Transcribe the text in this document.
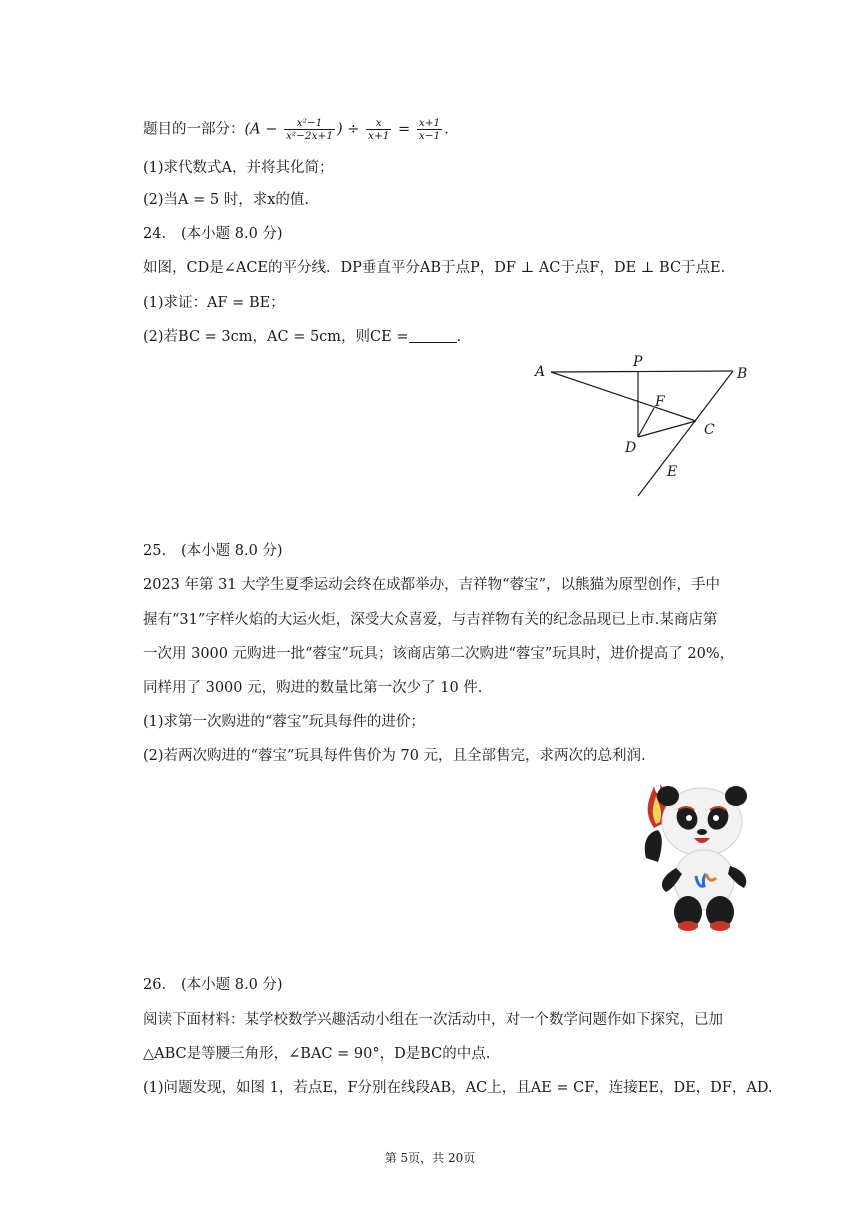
题目的一部分：($A - \frac{\text{x²−1}}{\text{x²−2x+1}}$ ) ÷ $\frac{x}{x+1} = \frac{x+1}{x-1}$ .
(1)求代数式A，并将其化简；
(2)当A = 5 时，求x的值.
24. (本小题 8.0 分)
如图，CD是∠ACE的平分线．DP垂直平分AB于点P，DF ⊥ AC于点F，DE ⊥ BC于点E.
(1)求证：AF = BE；
(2)若BC = 3cm，AC = 5cm，则CE =	.
A
P
B
F
C
D
E
25. (本小题 8.0 分)
2023 年第 31 大学生夏季运动会终在成都举办，吉祥物“蓉宝”，以熊猫为原型创作，手中
握有“31”字样火焰的大运火炬，深受大众喜爱，与吉祥物有关的纪念品现已上市.某商店第
一次用 3000 元购进一批“蓉宝”玩具；该商店第二次购进“蓉宝”玩具时，进价提高了 20%，
同样用了 3000 元，购进的数量比第一次少了 10 件.
(1)求第一次购进的“蓉宝”玩具每件的进价；
(2)若两次购进的“蓉宝”玩具每件售价为 70 元，且全部售完，求两次的总利润.
26. (本小题 8.0 分)
阅读下面材料：某学校数学兴趣活动小组在一次活动中，对一个数学问题作如下探究，已加
△ABC是等腰三角形，∠BAC = 90°，D是BC的中点.
(1)问题发现，如图 1，若点E，F分别在线段AB，AC上，且AE = CF，连接EE，DE，DF，AD.
第 5页，共 20页
